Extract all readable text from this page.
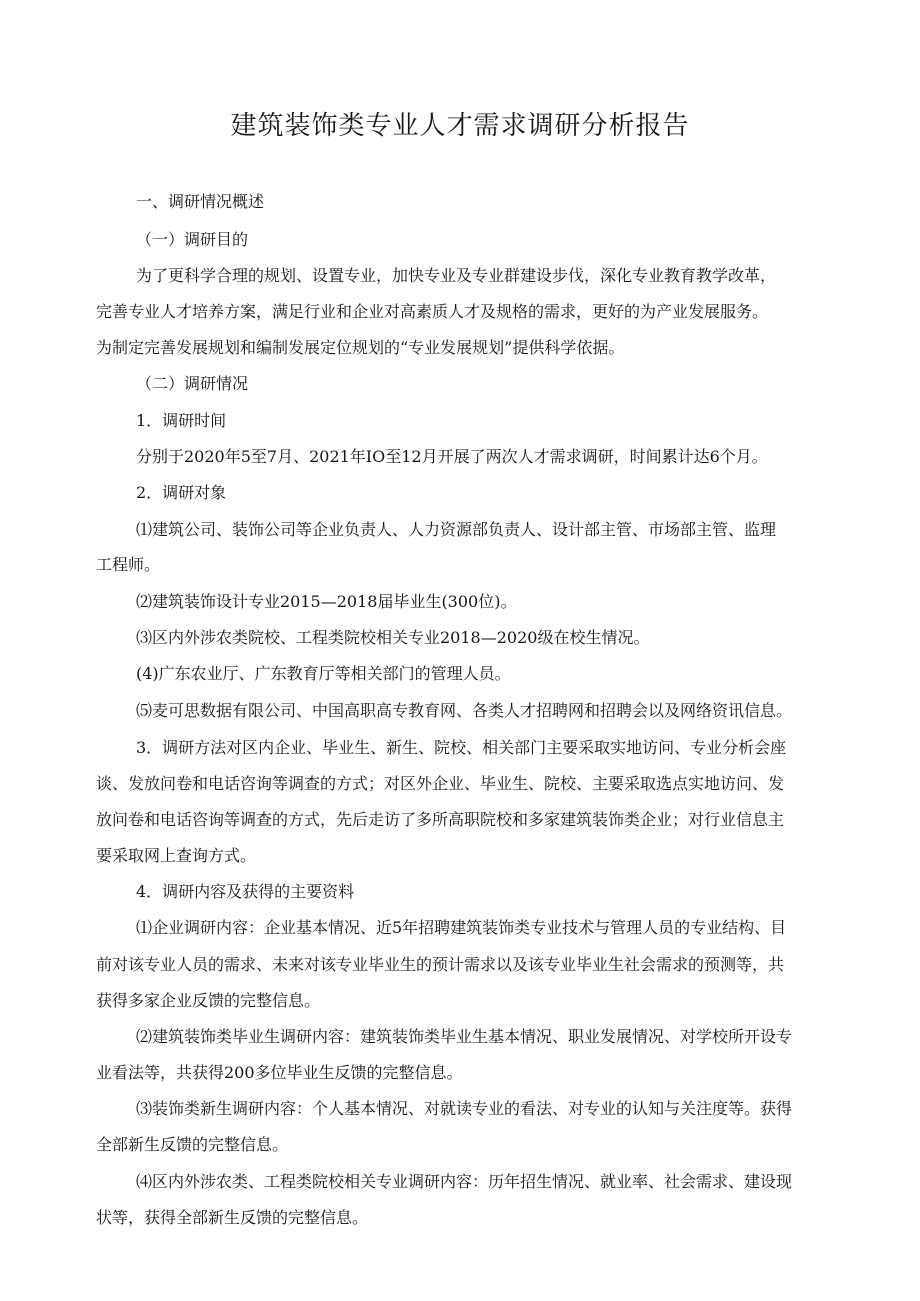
建筑装饰类专业人才需求调研分析报告
一、调研情况概述
（一）调研目的
为了更科学合理的规划、设置专业，加快专业及专业群建设步伐，深化专业教育教学改革，
完善专业人才培养方案，满足行业和企业对高素质人才及规格的需求，更好的为产业发展服务。
为制定完善发展规划和编制发展定位规划的“专业发展规划”提供科学依据。
（二）调研情况
1．调研时间
分别于2020年5至7月、2021年IO至12月开展了两次人才需求调研，时间累计达6个月。
2．调研对象
⑴建筑公司、装饰公司等企业负责人、人力资源部负责人、设计部主管、市场部主管、监理
工程师。
⑵建筑装饰设计专业2015—2018届毕业生(300位)。
⑶区内外涉农类院校、工程类院校相关专业2018—2020级在校生情况。
(4)广东农业厅、广东教育厅等相关部门的管理人员。
⑸麦可思数据有限公司、中国高职高专教育网、各类人才招聘网和招聘会以及网络资讯信息。
3．调研方法对区内企业、毕业生、新生、院校、相关部门主要采取实地访问、专业分析会座
谈、发放问卷和电话咨询等调查的方式；对区外企业、毕业生、院校、主要采取选点实地访问、发
放问卷和电话咨询等调查的方式，先后走访了多所高职院校和多家建筑装饰类企业；对行业信息主
要采取网上查询方式。
4．调研内容及获得的主要资料
⑴企业调研内容：企业基本情况、近5年招聘建筑装饰类专业技术与管理人员的专业结构、目
前对该专业人员的需求、未来对该专业毕业生的预计需求以及该专业毕业生社会需求的预测等，共
获得多家企业反馈的完整信息。
⑵建筑装饰类毕业生调研内容：建筑装饰类毕业生基本情况、职业发展情况、对学校所开设专
业看法等，共获得200多位毕业生反馈的完整信息。
⑶装饰类新生调研内容：个人基本情况、对就读专业的看法、对专业的认知与关注度等。获得
全部新生反馈的完整信息。
⑷区内外涉农类、工程类院校相关专业调研内容：历年招生情况、就业率、社会需求、建设现
状等，获得全部新生反馈的完整信息。
